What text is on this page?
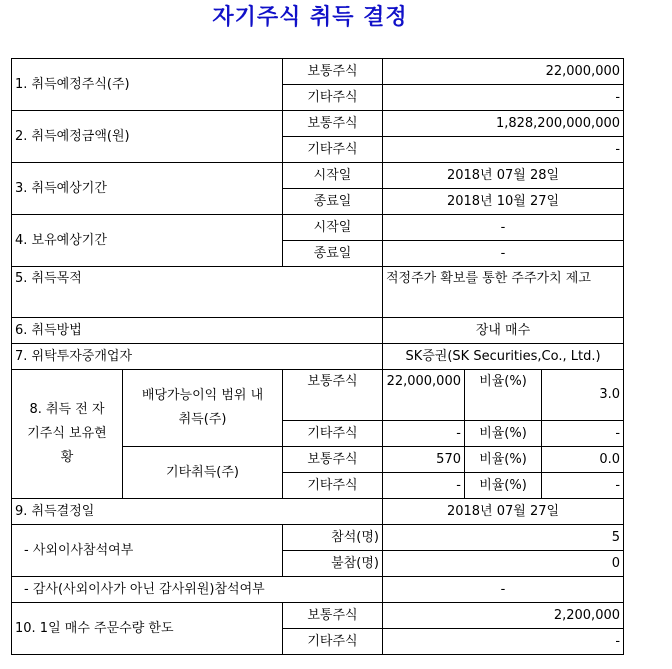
자기주식 취득 결정
1. 취득예정주식(주)		보통주식	22,000,000		
		기타주식	-		
2. 취득예정금액(원)		보통주식	1,828,200,000,000		
		기타주식	-		
3. 취득예상기간		시작일	2018년 07월 28일		
		종료일	2018년 10월 27일		
4. 보유예상기간		시작일	-		
		종료일	-		
5. 취득목적			적정주가 확보를 통한 주주가치 제고		
6. 취득방법			장내 매수		
7. 위탁투자중개업자			SK증권(SK Securities,Co., Ltd.)		
8. 취득 전 자기주식 보유현황	배당가능이익 범위 내 취득(주)	보통주식	22,000,000	비율(%)	3.0
		기타주식	-	비율(%)	-
	기타취득(주)	보통주식	570	비율(%)	0.0
		기타주식	-	비율(%)	-
9. 취득결정일			2018년 07월 27일		
- 사외이사참석여부		참석(명)	5		
		불참(명)	0		
- 감사(사외이사가 아닌 감사위원)참석여부			-		
10. 1일 매수 주문수량 한도		보통주식	2,200,000		
		기타주식	-		
